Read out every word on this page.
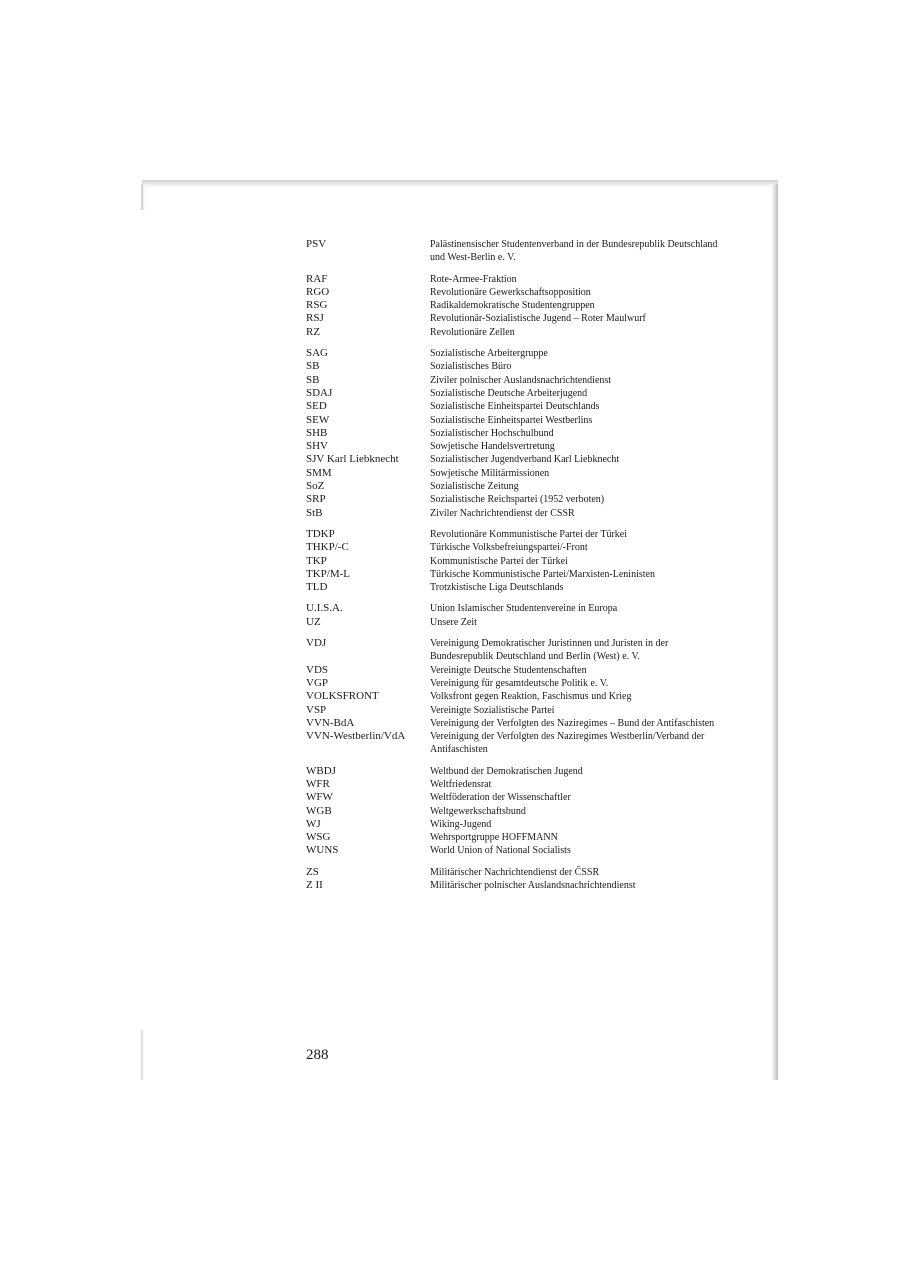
PSV	Palästinensischer Studentenverband in der Bundesrepublik Deutschland und West-Berlin e. V.
RAF	Rote-Armee-Fraktion
RGO	Revolutionäre Gewerkschaftsopposition
RSG	Radikaldemokratische Studentengruppen
RSJ	Revolutionär-Sozialistische Jugend – Roter Maulwurf
RZ	Revolutionäre Zellen
SAG	Sozialistische Arbeitergruppe
SB	Sozialistisches Büro
SB	Ziviler polnischer Auslandsnachrichtendienst
SDAJ	Sozialistische Deutsche Arbeiterjugend
SED	Sozialistische Einheitspartei Deutschlands
SEW	Sozialistische Einheitspartei Westberlins
SHB	Sozialistischer Hochschulbund
SHV	Sowjetische Handelsvertretung
SJV Karl Liebknecht	Sozialistischer Jugendverband Karl Liebknecht
SMM	Sowjetische Militärmissionen
SoZ	Sozialistische Zeitung
SRP	Sozialistische Reichspartei (1952 verboten)
StB	Ziviler Nachrichtendienst der CSSR
TDKP	Revolutionäre Kommunistische Partei der Türkei
THKP/-C	Türkische Volksbefreiungspartei/-Front
TKP	Kommunistische Partei der Türkei
TKP/M-L	Türkische Kommunistische Partei/Marxisten-Leninisten
TLD	Trotzkistische Liga Deutschlands
U.I.S.A.	Union Islamischer Studentenvereine in Europa
UZ	Unsere Zeit
VDJ	Vereinigung Demokratischer Juristinnen und Juristen in der Bundesrepublik Deutschland und Berlin (West) e. V.
VDS	Vereinigte Deutsche Studentenschaften
VGP	Vereinigung für gesamtdeutsche Politik e. V.
VOLKSFRONT	Volksfront gegen Reaktion, Faschismus und Krieg
VSP	Vereinigte Sozialistische Partei
VVN-BdA	Vereinigung der Verfolgten des Naziregimes – Bund der Antifaschisten
VVN-Westberlin/VdA	Vereinigung der Verfolgten des Naziregimes Westberlin/Verband der Antifaschisten
WBDJ	Weltbund der Demokratischen Jugend
WFR	Weltfriedensrat
WFW	Weltföderation der Wissenschaftler
WGB	Weltgewerkschaftsbund
WJ	Wiking-Jugend
WSG	Wehrsportgruppe HOFFMANN
WUNS	World Union of National Socialists
ZS	Militärischer Nachrichtendienst der ČSSR
Z II	Militärischer polnischer Auslandsnachrichtendienst
288
